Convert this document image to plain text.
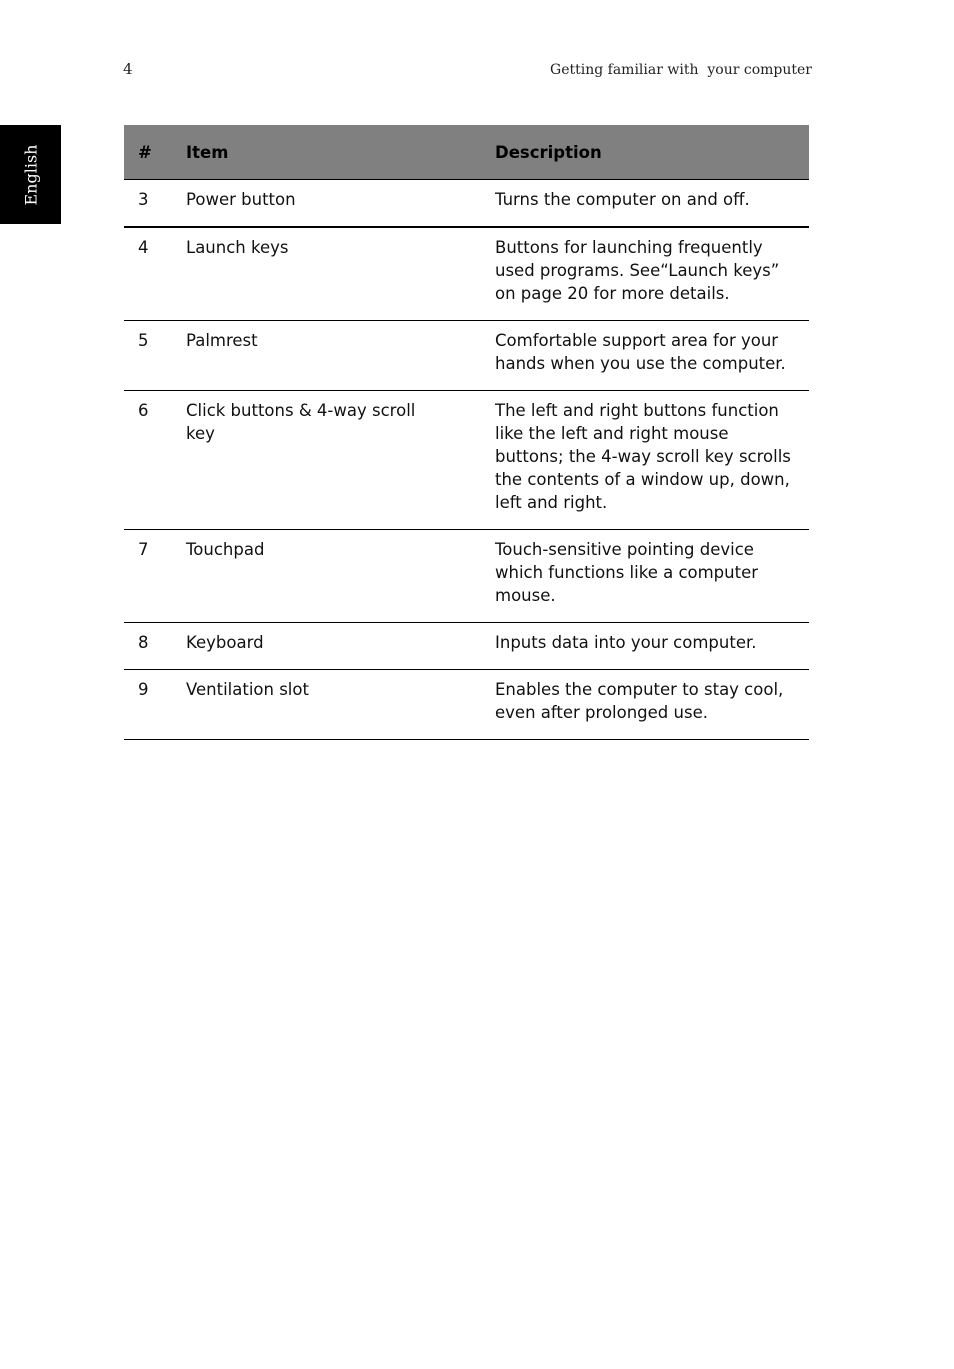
4	Getting familiar with  your computer
English	#	Item	Description
3	Power button	Turns the computer on and off.
4	Launch keys	Buttons for launching frequently used programs. See“Launch keys” on page 20 for more details.
5	Palmrest	Comfortable support area for your hands when you use the computer.
6	Click buttons & 4-way scroll key	The left and right buttons function like the left and right mouse buttons; the 4-way scroll key scrolls the contents of a window up, down, left and right.
7	Touchpad	Touch-sensitive pointing device which functions like a computer mouse.
8	Keyboard	Inputs data into your computer.
9	Ventilation slot	Enables the computer to stay cool, even after prolonged use.
